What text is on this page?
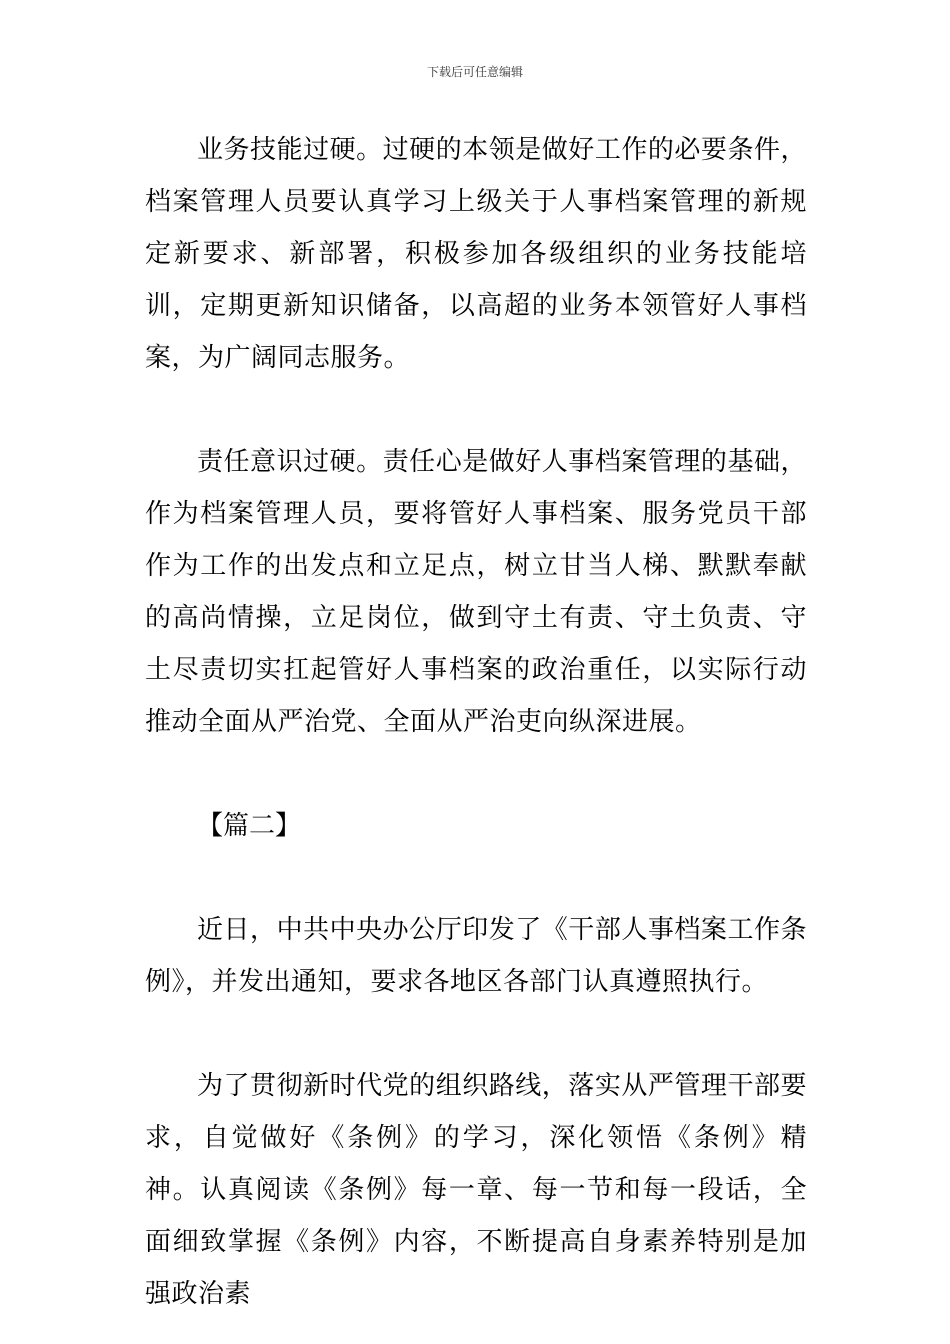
下载后可任意编辑

业务技能过硬。过硬的本领是做好工作的必要条件，档案管理人员要认真学习上级关于人事档案管理的新规定新要求、新部署，积极参加各级组织的业务技能培训，定期更新知识储备，以高超的业务本领管好人事档案，为广阔同志服务。

责任意识过硬。责任心是做好人事档案管理的基础，作为档案管理人员，要将管好人事档案、服务党员干部作为工作的出发点和立足点，树立甘当人梯、默默奉献的高尚情操，立足岗位，做到守土有责、守土负责、守土尽责切实扛起管好人事档案的政治重任，以实际行动推动全面从严治党、全面从严治吏向纵深进展。

【篇二】

近日，中共中央办公厅印发了《干部人事档案工作条例》，并发出通知，要求各地区各部门认真遵照执行。

为了贯彻新时代党的组织路线，落实从严管理干部要求，自觉做好《条例》的学习，深化领悟《条例》精神。认真阅读《条例》每一章、每一节和每一段话，全面细致掌握《条例》内容，不断提高自身素养特别是加强政治素
